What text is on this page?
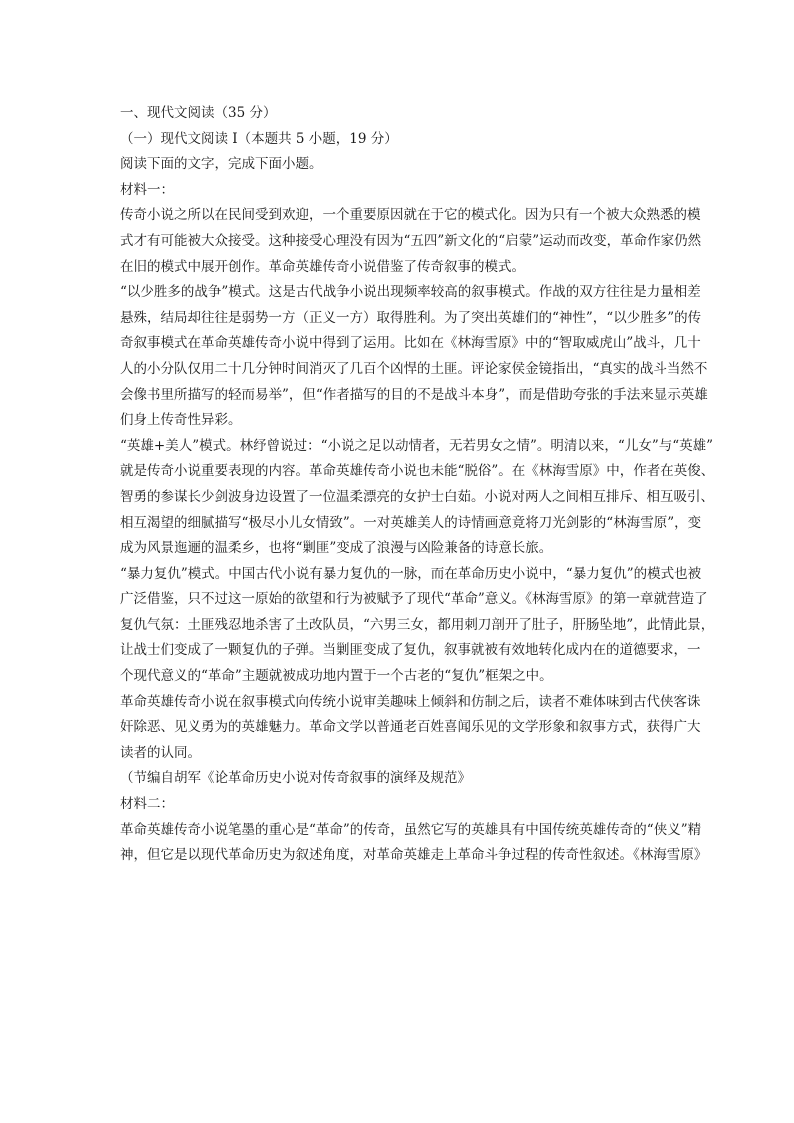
一、现代文阅读（35 分）
（一）现代文阅读 I（本题共 5 小题，19 分）
阅读下面的文字，完成下面小题。
材料一：
传奇小说之所以在民间受到欢迎，一个重要原因就在于它的模式化。因为只有一个被大众熟悉的模
式才有可能被大众接受。这种接受心理没有因为“五四”新文化的“启蒙”运动而改变，革命作家仍然
在旧的模式中展开创作。革命英雄传奇小说借鉴了传奇叙事的模式。
“以少胜多的战争”模式。这是古代战争小说出现频率较高的叙事模式。作战的双方往往是力量相差
悬殊，结局却往往是弱势一方（正义一方）取得胜利。为了突出英雄们的“神性”，“以少胜多”的传
奇叙事模式在革命英雄传奇小说中得到了运用。比如在《林海雪原》中的“智取威虎山”战斗，几十
人的小分队仅用二十几分钟时间消灭了几百个凶悍的土匪。评论家侯金镜指出，“真实的战斗当然不
会像书里所描写的轻而易举”，但“作者描写的目的不是战斗本身”，而是借助夸张的手法来显示英雄
们身上传奇性异彩。
“英雄+美人”模式。林纾曾说过：“小说之足以动情者，无若男女之情”。明清以来，“儿女”与“英雄”
就是传奇小说重要表现的内容。革命英雄传奇小说也未能“脱俗”。在《林海雪原》中，作者在英俊、
智勇的参谋长少剑波身边设置了一位温柔漂亮的女护士白茹。小说对两人之间相互排斥、相互吸引、
相互渴望的细腻描写“极尽小儿女情致”。一对英雄美人的诗情画意竟将刀光剑影的“林海雪原”，变
成为风景迤逦的温柔乡，也将“剿匪”变成了浪漫与凶险兼备的诗意长旅。
“暴力复仇”模式。中国古代小说有暴力复仇的一脉，而在革命历史小说中，“暴力复仇”的模式也被
广泛借鉴，只不过这一原始的欲望和行为被赋予了现代“革命”意义。《林海雪原》的第一章就营造了
复仇气氛：土匪残忍地杀害了土改队员，“六男三女，都用刺刀剖开了肚子，肝肠坠地”，此情此景，
让战士们变成了一颗复仇的子弹。当剿匪变成了复仇，叙事就被有效地转化成内在的道德要求，一
个现代意义的“革命”主题就被成功地内置于一个古老的“复仇”框架之中。
革命英雄传奇小说在叙事模式向传统小说审美趣味上倾斜和仿制之后，读者不难体味到古代侠客诛
奸除恶、见义勇为的英雄魅力。革命文学以普通老百姓喜闻乐见的文学形象和叙事方式，获得广大
读者的认同。
（节编自胡军《论革命历史小说对传奇叙事的演绎及规范》
材料二：
革命英雄传奇小说笔墨的重心是“革命”的传奇，虽然它写的英雄具有中国传统英雄传奇的“侠义”精
神，但它是以现代革命历史为叙述角度，对革命英雄走上革命斗争过程的传奇性叙述。《林海雪原》
